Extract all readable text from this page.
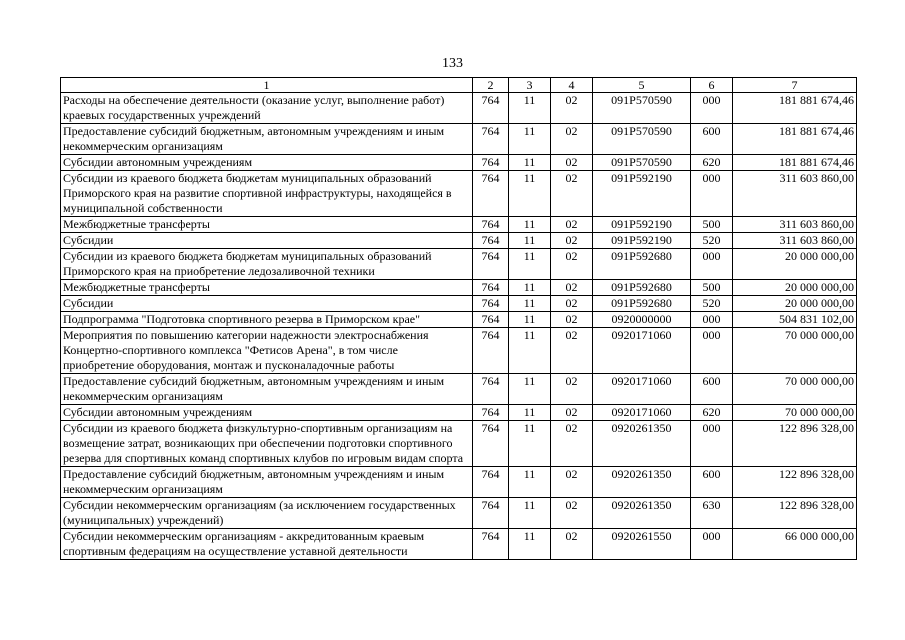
133
1	2	3	4	5	6	7
Расходы на обеспечение деятельности (оказание услуг, выполнение работ) краевых государственных учреждений	764	11	02	091P570590	000	181 881 674,46
Предоставление субсидий бюджетным, автономным учреждениям и иным некоммерческим организациям	764	11	02	091P570590	600	181 881 674,46
Субсидии автономным учреждениям	764	11	02	091P570590	620	181 881 674,46
Субсидии из краевого бюджета бюджетам муниципальных образований Приморского края на развитие спортивной инфраструктуры, находящейся в муниципальной собственности	764	11	02	091P592190	000	311 603 860,00
Межбюджетные трансферты	764	11	02	091P592190	500	311 603 860,00
Субсидии	764	11	02	091P592190	520	311 603 860,00
Субсидии из краевого бюджета бюджетам муниципальных образований Приморского края на приобретение ледозаливочной техники	764	11	02	091P592680	000	20 000 000,00
Межбюджетные трансферты	764	11	02	091P592680	500	20 000 000,00
Субсидии	764	11	02	091P592680	520	20 000 000,00
Подпрограмма "Подготовка спортивного резерва в Приморском крае"	764	11	02	0920000000	000	504 831 102,00
Мероприятия по повышению категории надежности электроснабжения Концертно-спортивного комплекса "Фетисов Арена", в том числе приобретение оборудования, монтаж и пусконаладочные работы	764	11	02	0920171060	000	70 000 000,00
Предоставление субсидий бюджетным, автономным учреждениям и иным некоммерческим организациям	764	11	02	0920171060	600	70 000 000,00
Субсидии автономным учреждениям	764	11	02	0920171060	620	70 000 000,00
Субсидии из краевого бюджета физкультурно-спортивным организациям на возмещение затрат, возникающих при обеспечении подготовки спортивного резерва для спортивных команд спортивных клубов по игровым видам спорта	764	11	02	0920261350	000	122 896 328,00
Предоставление субсидий бюджетным, автономным учреждениям и иным некоммерческим организациям	764	11	02	0920261350	600	122 896 328,00
Субсидии некоммерческим организациям (за исключением государственных (муниципальных) учреждений)	764	11	02	0920261350	630	122 896 328,00
Субсидии некоммерческим организациям - аккредитованным краевым спортивным федерациям на осуществление уставной деятельности	764	11	02	0920261550	000	66 000 000,00
